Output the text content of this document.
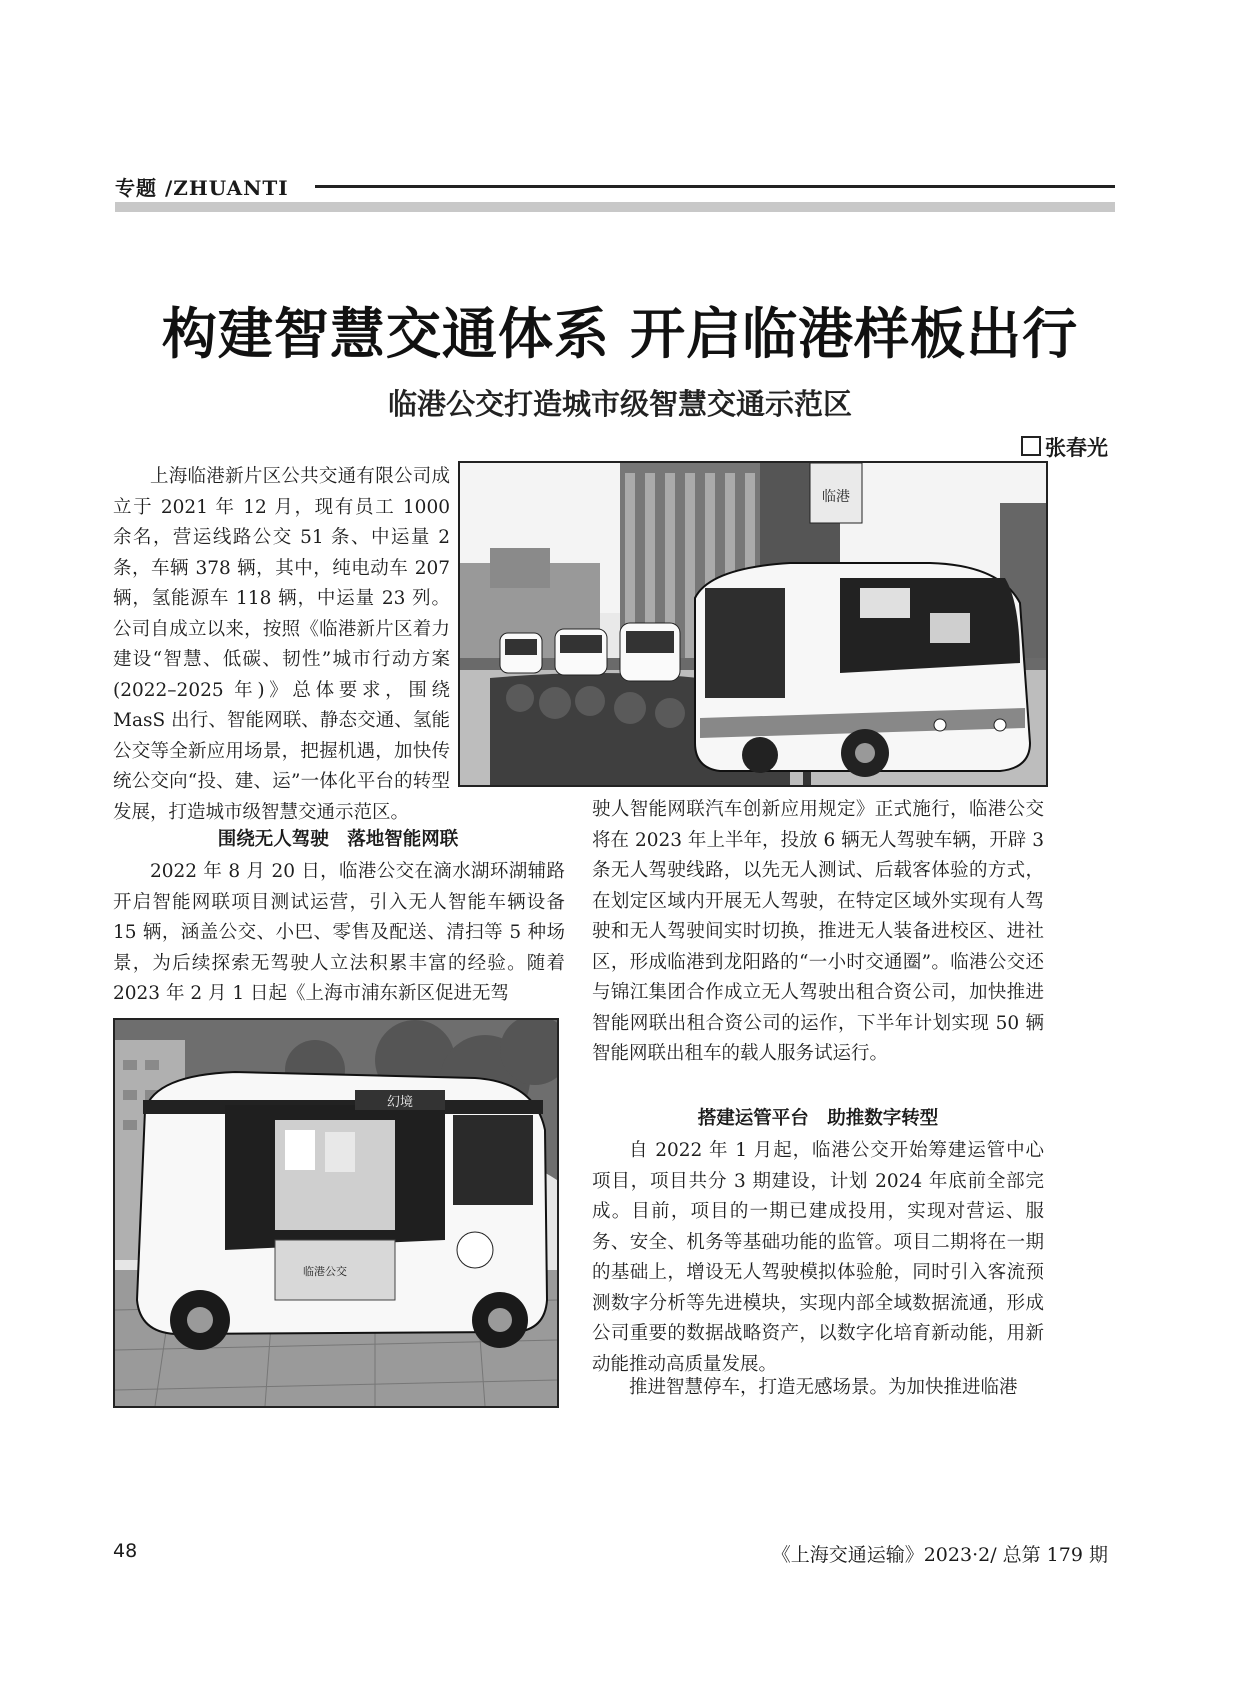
专题 /ZHUANTI
构建智慧交通体系 开启临港样板出行
临港公交打造城市级智慧交通示范区
张春光

上海临港新片区公共交通有限公司成立于 2021 年 12 月，现有员工 1000 余名，营运线路公交 51 条、中运量 2 条，车辆 378 辆，其中，纯电动车 207 辆，氢能源车 118 辆，中运量 23 列。公司自成立以来，按照《临港新片区着力建设“智慧、低碳、韧性”城市行动方案(2022–2025 年)》总体要求，围绕 MasS 出行、智能网联、静态交通、氢能公交等全新应用场景，把握机遇，加快传统公交向“投、建、运”一体化平台的转型发展，打造城市级智慧交通示范区。

临港
围绕无人驾驶　落地智能网联

2022 年 8 月 20 日，临港公交在滴水湖环湖辅路开启智能网联项目测试运营，引入无人智能车辆设备 15 辆，涵盖公交、小巴、零售及配送、清扫等 5 种场景，为后续探索无驾驶人立法积累丰富的经验。随着 2023 年 2 月 1 日起《上海市浦东新区促进无驾

幻境
临港公交

驶人智能网联汽车创新应用规定》正式施行，临港公交将在 2023 年上半年，投放 6 辆无人驾驶车辆，开辟 3 条无人驾驶线路，以先无人测试、后载客体验的方式，在划定区域内开展无人驾驶，在特定区域外实现有人驾驶和无人驾驶间实时切换，推进无人装备进校区、进社区，形成临港到龙阳路的“一小时交通圈”。临港公交还与锦江集团合作成立无人驾驶出租合资公司，加快推进智能网联出租合资公司的运作，下半年计划实现 50 辆智能网联出租车的载人服务试运行。

搭建运管平台　助推数字转型

自 2022 年 1 月起，临港公交开始筹建运管中心项目，项目共分 3 期建设，计划 2024 年底前全部完成。目前，项目的一期已建成投用，实现对营运、服务、安全、机务等基础功能的监管。项目二期将在一期的基础上，增设无人驾驶模拟体验舱，同时引入客流预测数字分析等先进模块，实现内部全域数据流通，形成公司重要的数据战略资产，以数字化培育新动能，用新动能推动高质量发展。

推进智慧停车，打造无感场景。为加快推进临港

48	《上海交通运输》2023·2/ 总第 179 期
